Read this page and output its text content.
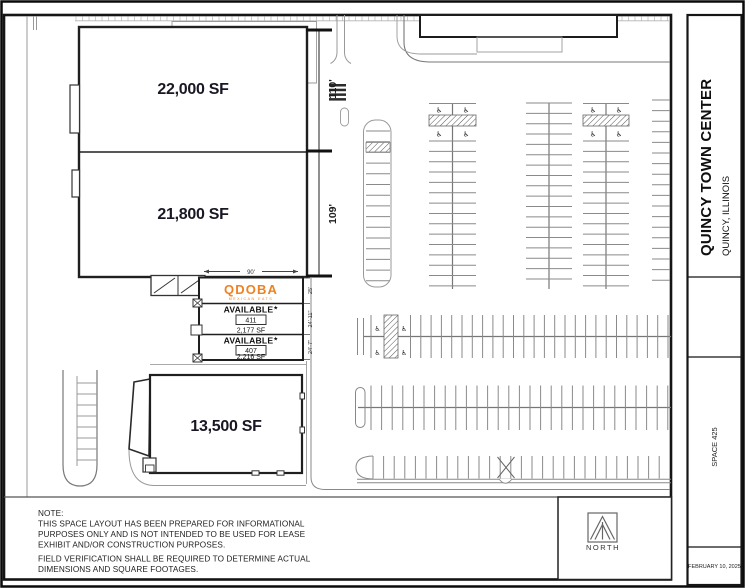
22,000 SF
21,800 SF
110'
109'
QDOBA
MEXICAN EATS
AVAILABLE★
411
2,177 SF
AVAILABLE★
407
2,216 SF
90'
25'
24'-11"
24'-7"
13,500 SF
♿	♿
♿	♿
♿	♿
♿	♿
♿	♿
♿	♿
NOTE:
THIS SPACE LAYOUT HAS BEEN PREPARED FOR INFORMATIONAL
PURPOSES ONLY AND IS NOT INTENDED TO BE USED FOR LEASE
EXHIBIT AND/OR CONSTRUCTION PURPOSES.
FIELD VERIFICATION SHALL BE REQUIRED TO DETERMINE ACTUAL
DIMENSIONS AND SQUARE FOOTAGES.
NORTH
QUINCY TOWN CENTER QUINCY, ILLINOIS
SPACE 425
FEBRUARY 10, 2025
